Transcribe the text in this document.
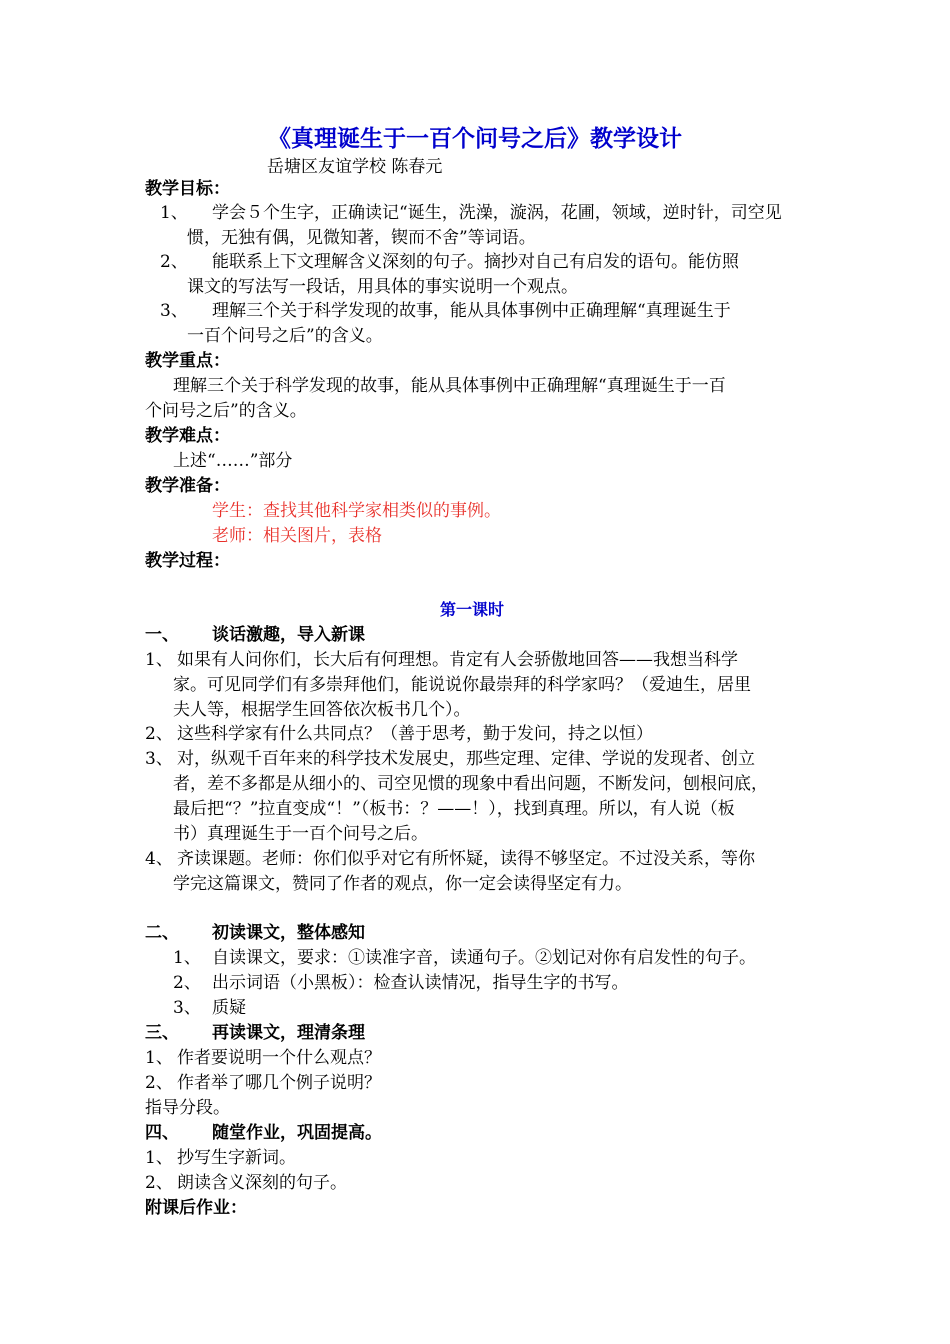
《真理诞生于一百个问号之后》教学设计
岳塘区友谊学校 陈春元
教学目标：
1、 学会５个生字，正确读记“诞生，洗澡，漩涡，花圃，领域，逆时针，司空见
惯，无独有偶，见微知著，锲而不舍”等词语。
2、 能联系上下文理解含义深刻的句子。摘抄对自己有启发的语句。能仿照
课文的写法写一段话，用具体的事实说明一个观点。
3、 理解三个关于科学发现的故事，能从具体事例中正确理解“真理诞生于
一百个问号之后”的含义。
教学重点：
理解三个关于科学发现的故事，能从具体事例中正确理解“真理诞生于一百
个问号之后”的含义。
教学难点：
上述“……”部分
教学准备：
学生：查找其他科学家相类似的事例。
老师：相关图片，表格
教学过程：
第一课时
一、 谈话激趣，导入新课
1、 如果有人问你们，长大后有何理想。肯定有人会骄傲地回答——我想当科学
家。可见同学们有多崇拜他们，能说说你最崇拜的科学家吗？（爱迪生，居里
夫人等，根据学生回答依次板书几个）。
2、 这些科学家有什么共同点？（善于思考，勤于发问，持之以恒）
3、 对，纵观千百年来的科学技术发展史，那些定理、定律、学说的发现者、创立
者，差不多都是从细小的、司空见惯的现象中看出问题，不断发问，刨根问底，
最后把“？”拉直变成“！”（板书：？——！），找到真理。所以，有人说（板
书）真理诞生于一百个问号之后。
4、 齐读课题。老师：你们似乎对它有所怀疑，读得不够坚定。不过没关系，等你
学完这篇课文，赞同了作者的观点，你一定会读得坚定有力。
二、 初读课文，整体感知
1、 自读课文，要求：①读准字音，读通句子。②划记对你有启发性的句子。
2、 出示词语（小黑板）：检查认读情况，指导生字的书写。
3、 质疑
三、 再读课文，理清条理
1、 作者要说明一个什么观点？
2、 作者举了哪几个例子说明？
指导分段。
四、 随堂作业，巩固提高。
1、 抄写生字新词。
2、 朗读含义深刻的句子。
附课后作业：
